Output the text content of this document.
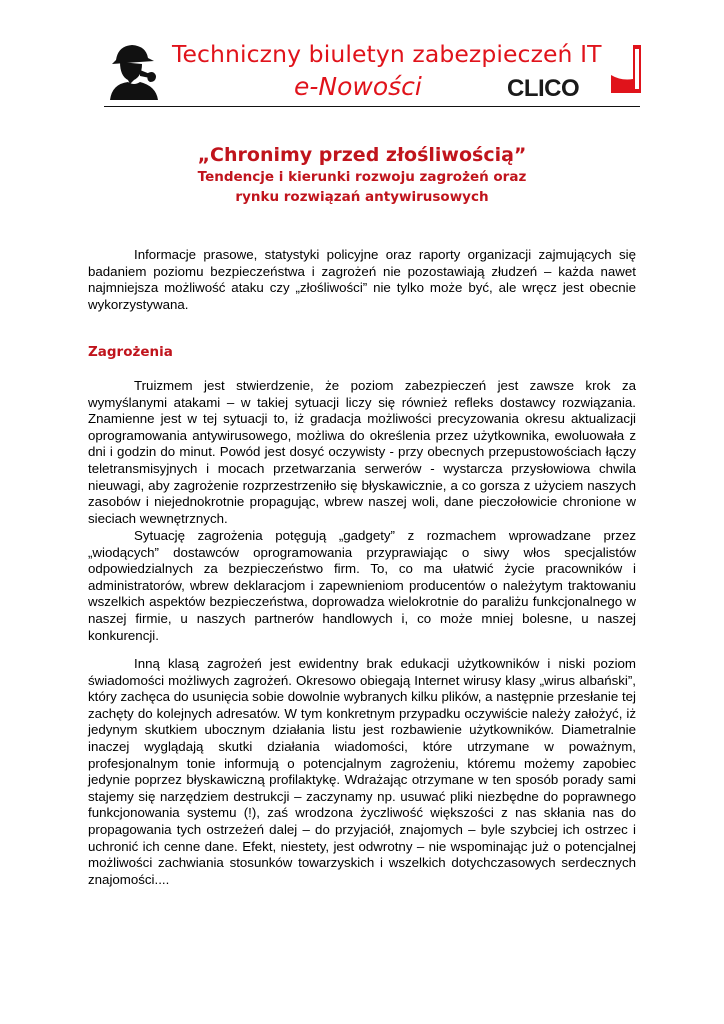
Techniczny biuletyn zabezpieczeń IT
e-Nowości	CLICO
„Chronimy przed złośliwością”

Tendencje i kierunki rozwoju zagrożeń oraz

rynku rozwiązań antywirusowych

Informacje prasowe, statystyki policyjne oraz raporty organizacji zajmujących się badaniem poziomu bezpieczeństwa i zagrożeń nie pozostawiają złudzeń – każda nawet najmniejsza możliwość ataku czy „złośliwości” nie tylko może być, ale wręcz jest obecnie wykorzystywana.

Zagrożenia

Truizmem jest stwierdzenie, że poziom zabezpieczeń jest zawsze krok za wymyślanymi atakami – w takiej sytuacji liczy się również refleks dostawcy rozwiązania. Znamienne jest w tej sytuacji to, iż gradacja możliwości precyzowania okresu aktualizacji oprogramowania antywirusowego, możliwa do określenia przez użytkownika, ewoluowała z dni i godzin do minut. Powód jest dosyć oczywisty - przy obecnych przepustowościach łączy teletransmisyjnych i mocach przetwarzania serwerów - wystarcza przysłowiowa chwila nieuwagi, aby zagrożenie rozprzestrzeniło się błyskawicznie, a co gorsza z użyciem naszych zasobów i niejednokrotnie propagując, wbrew naszej woli, dane pieczołowicie chronione w sieciach wewnętrznych.

Sytuację zagrożenia potęgują „gadgety” z rozmachem wprowadzane przez „wiodących” dostawców oprogramowania przyprawiając o siwy włos specjalistów odpowiedzialnych za bezpieczeństwo firm. To, co ma ułatwić życie pracowników i administratorów, wbrew deklaracjom i zapewnieniom producentów o należytym traktowaniu wszelkich aspektów bezpieczeństwa, doprowadza wielokrotnie do paraliżu funkcjonalnego w naszej firmie, u naszych partnerów handlowych i, co może mniej bolesne, u naszej konkurencji.

Inną klasą zagrożeń jest ewidentny brak edukacji użytkowników i niski poziom świadomości możliwych zagrożeń. Okresowo obiegają Internet wirusy klasy „wirus albański”, który zachęca do usunięcia sobie dowolnie wybranych kilku plików, a następnie przesłanie tej zachęty do kolejnych adresatów. W tym konkretnym przypadku oczywiście należy założyć, iż jedynym skutkiem ubocznym działania listu jest rozbawienie użytkowników. Diametralnie inaczej wyglądają skutki działania wiadomości, które utrzymane w poważnym, profesjonalnym tonie informują o potencjalnym zagrożeniu, któremu możemy zapobiec jedynie poprzez błyskawiczną profilaktykę. Wdrażając otrzymane w ten sposób porady sami stajemy się narzędziem destrukcji – zaczynamy np. usuwać pliki niezbędne do poprawnego funkcjonowania systemu (!), zaś wrodzona życzliwość większości z nas skłania nas do propagowania tych ostrzeżeń dalej – do przyjaciół, znajomych – byle szybciej ich ostrzec i uchronić ich cenne dane. Efekt, niestety, jest odwrotny – nie wspominając już o potencjalnej możliwości zachwiania stosunków towarzyskich i wszelkich dotychczasowych serdecznych znajomości....
